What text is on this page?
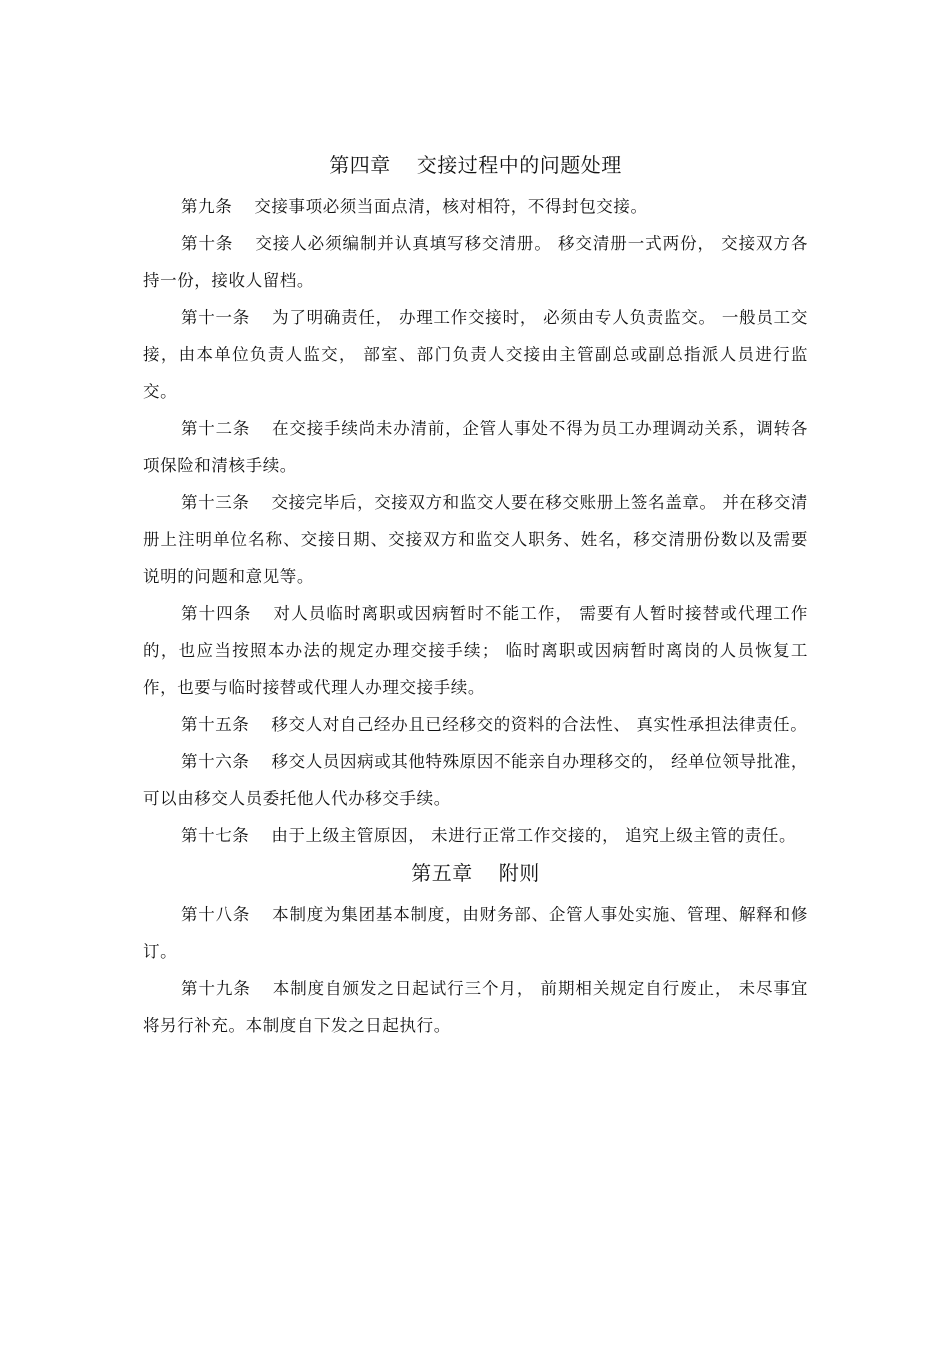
第四章 交接过程中的问题处理

第九条 交接事项必须当面点清，核对相符，不得封包交接。

第十条 交接人必须编制并认真填写移交清册。 移交清册一式两份， 交接双方各持一份，接收人留档。

第十一条 为了明确责任， 办理工作交接时， 必须由专人负责监交。 一般员工交接，由本单位负责人监交， 部室、部门负责人交接由主管副总或副总指派人员进行监交。

第十二条 在交接手续尚未办清前，企管人事处不得为员工办理调动关系，调转各项保险和清核手续。

第十三条 交接完毕后，交接双方和监交人要在移交账册上签名盖章。 并在移交清册上注明单位名称、交接日期、交接双方和监交人职务、姓名，移交清册份数以及需要说明的问题和意见等。

第十四条 对人员临时离职或因病暂时不能工作， 需要有人暂时接替或代理工作的，也应当按照本办法的规定办理交接手续； 临时离职或因病暂时离岗的人员恢复工作，也要与临时接替或代理人办理交接手续。

第十五条 移交人对自己经办且已经移交的资料的合法性、 真实性承担法律责任。

第十六条 移交人员因病或其他特殊原因不能亲自办理移交的， 经单位领导批准，可以由移交人员委托他人代办移交手续。

第十七条 由于上级主管原因， 未进行正常工作交接的， 追究上级主管的责任。

第五章 附则

第十八条 本制度为集团基本制度，由财务部、企管人事处实施、管理、解释和修订。

第十九条 本制度自颁发之日起试行三个月， 前期相关规定自行废止， 未尽事宜将另行补充。本制度自下发之日起执行。
